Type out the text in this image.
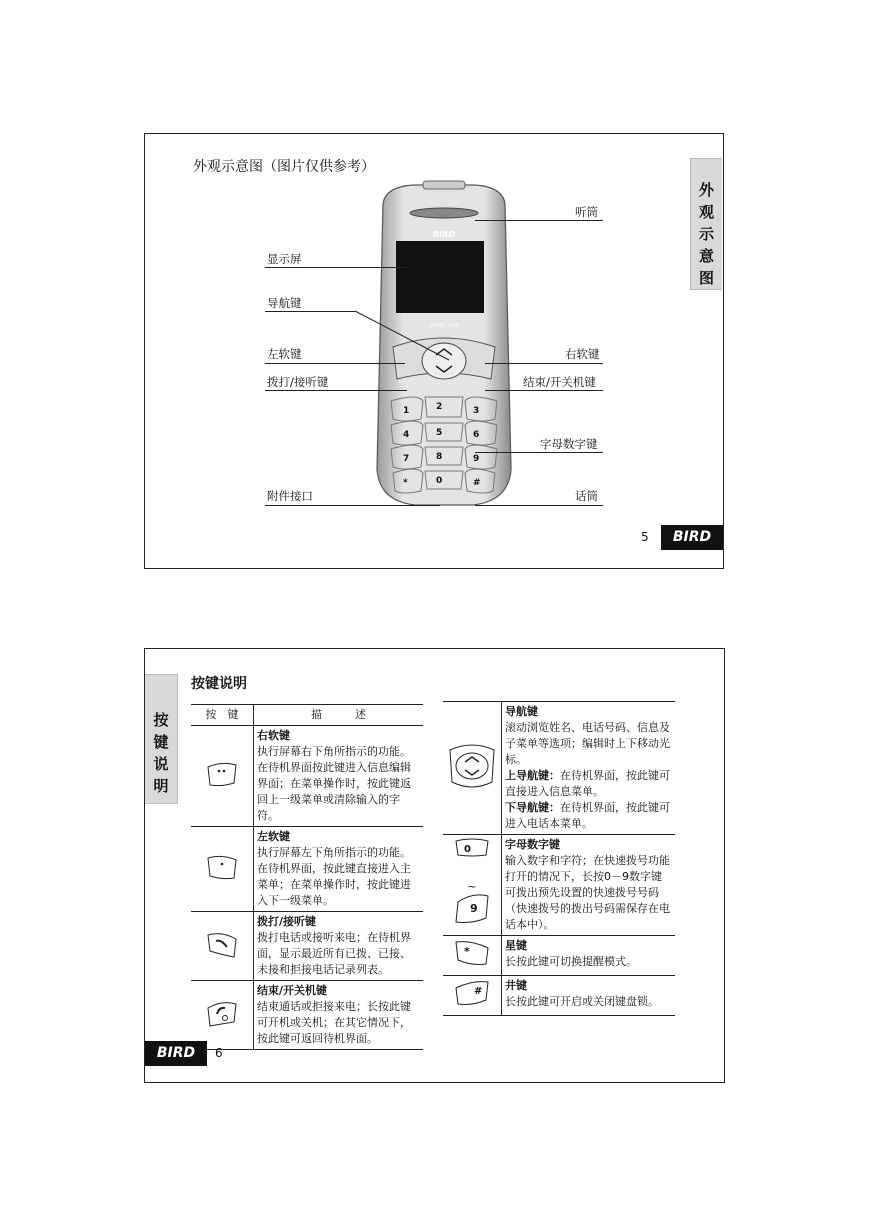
外观示意图（图片仅供参考）
外
观
示
意
图
BIRD
SMART SKIN
1	2	3
4	5	6
7	8	9
*	0	#
听筒
显示屏
导航键
左软键	右软键
拨打/接听键	结束/开关机键
字母数字键
附件接口	话筒
5	BIRD
按
键
说
明
按键说明
按　键	描　　　述

右软键
执行屏幕右下角所指示的功能。在待机界面按此键进入信息编辑界面；在菜单操作时，按此键返回上一级菜单或清除输入的字符。

左软键
执行屏幕左下角所指示的功能。在待机界面，按此键直接进入主菜单；在菜单操作时，按此键进入下一级菜单。

拨打/接听键
拨打电话或接听来电；在待机界面，显示最近所有已拨、已接、未接和拒接电话记录列表。

结束/开关机键
结束通话或拒接来电；长按此键可开机或关机；在其它情况下，按此键可返回待机界面。

导航键
滚动浏览姓名、电话号码、信息及子菜单等选项；编辑时上下移动光标。
上导航键：在待机界面，按此键可直接进入信息菜单。
下导航键：在待机界面，按此键可进入电话本菜单。

0
~
9	字母数字键
输入数字和字符；在快速拨号功能打开的情况下，长按0－9数字键可拨出预先设置的快速拨号号码（快速拨号的拨出号码需保存在电话本中）。

*	星键
长按此键可切换提醒模式。

#	井键
长按此键可开启或关闭键盘锁。
BIRD	6
